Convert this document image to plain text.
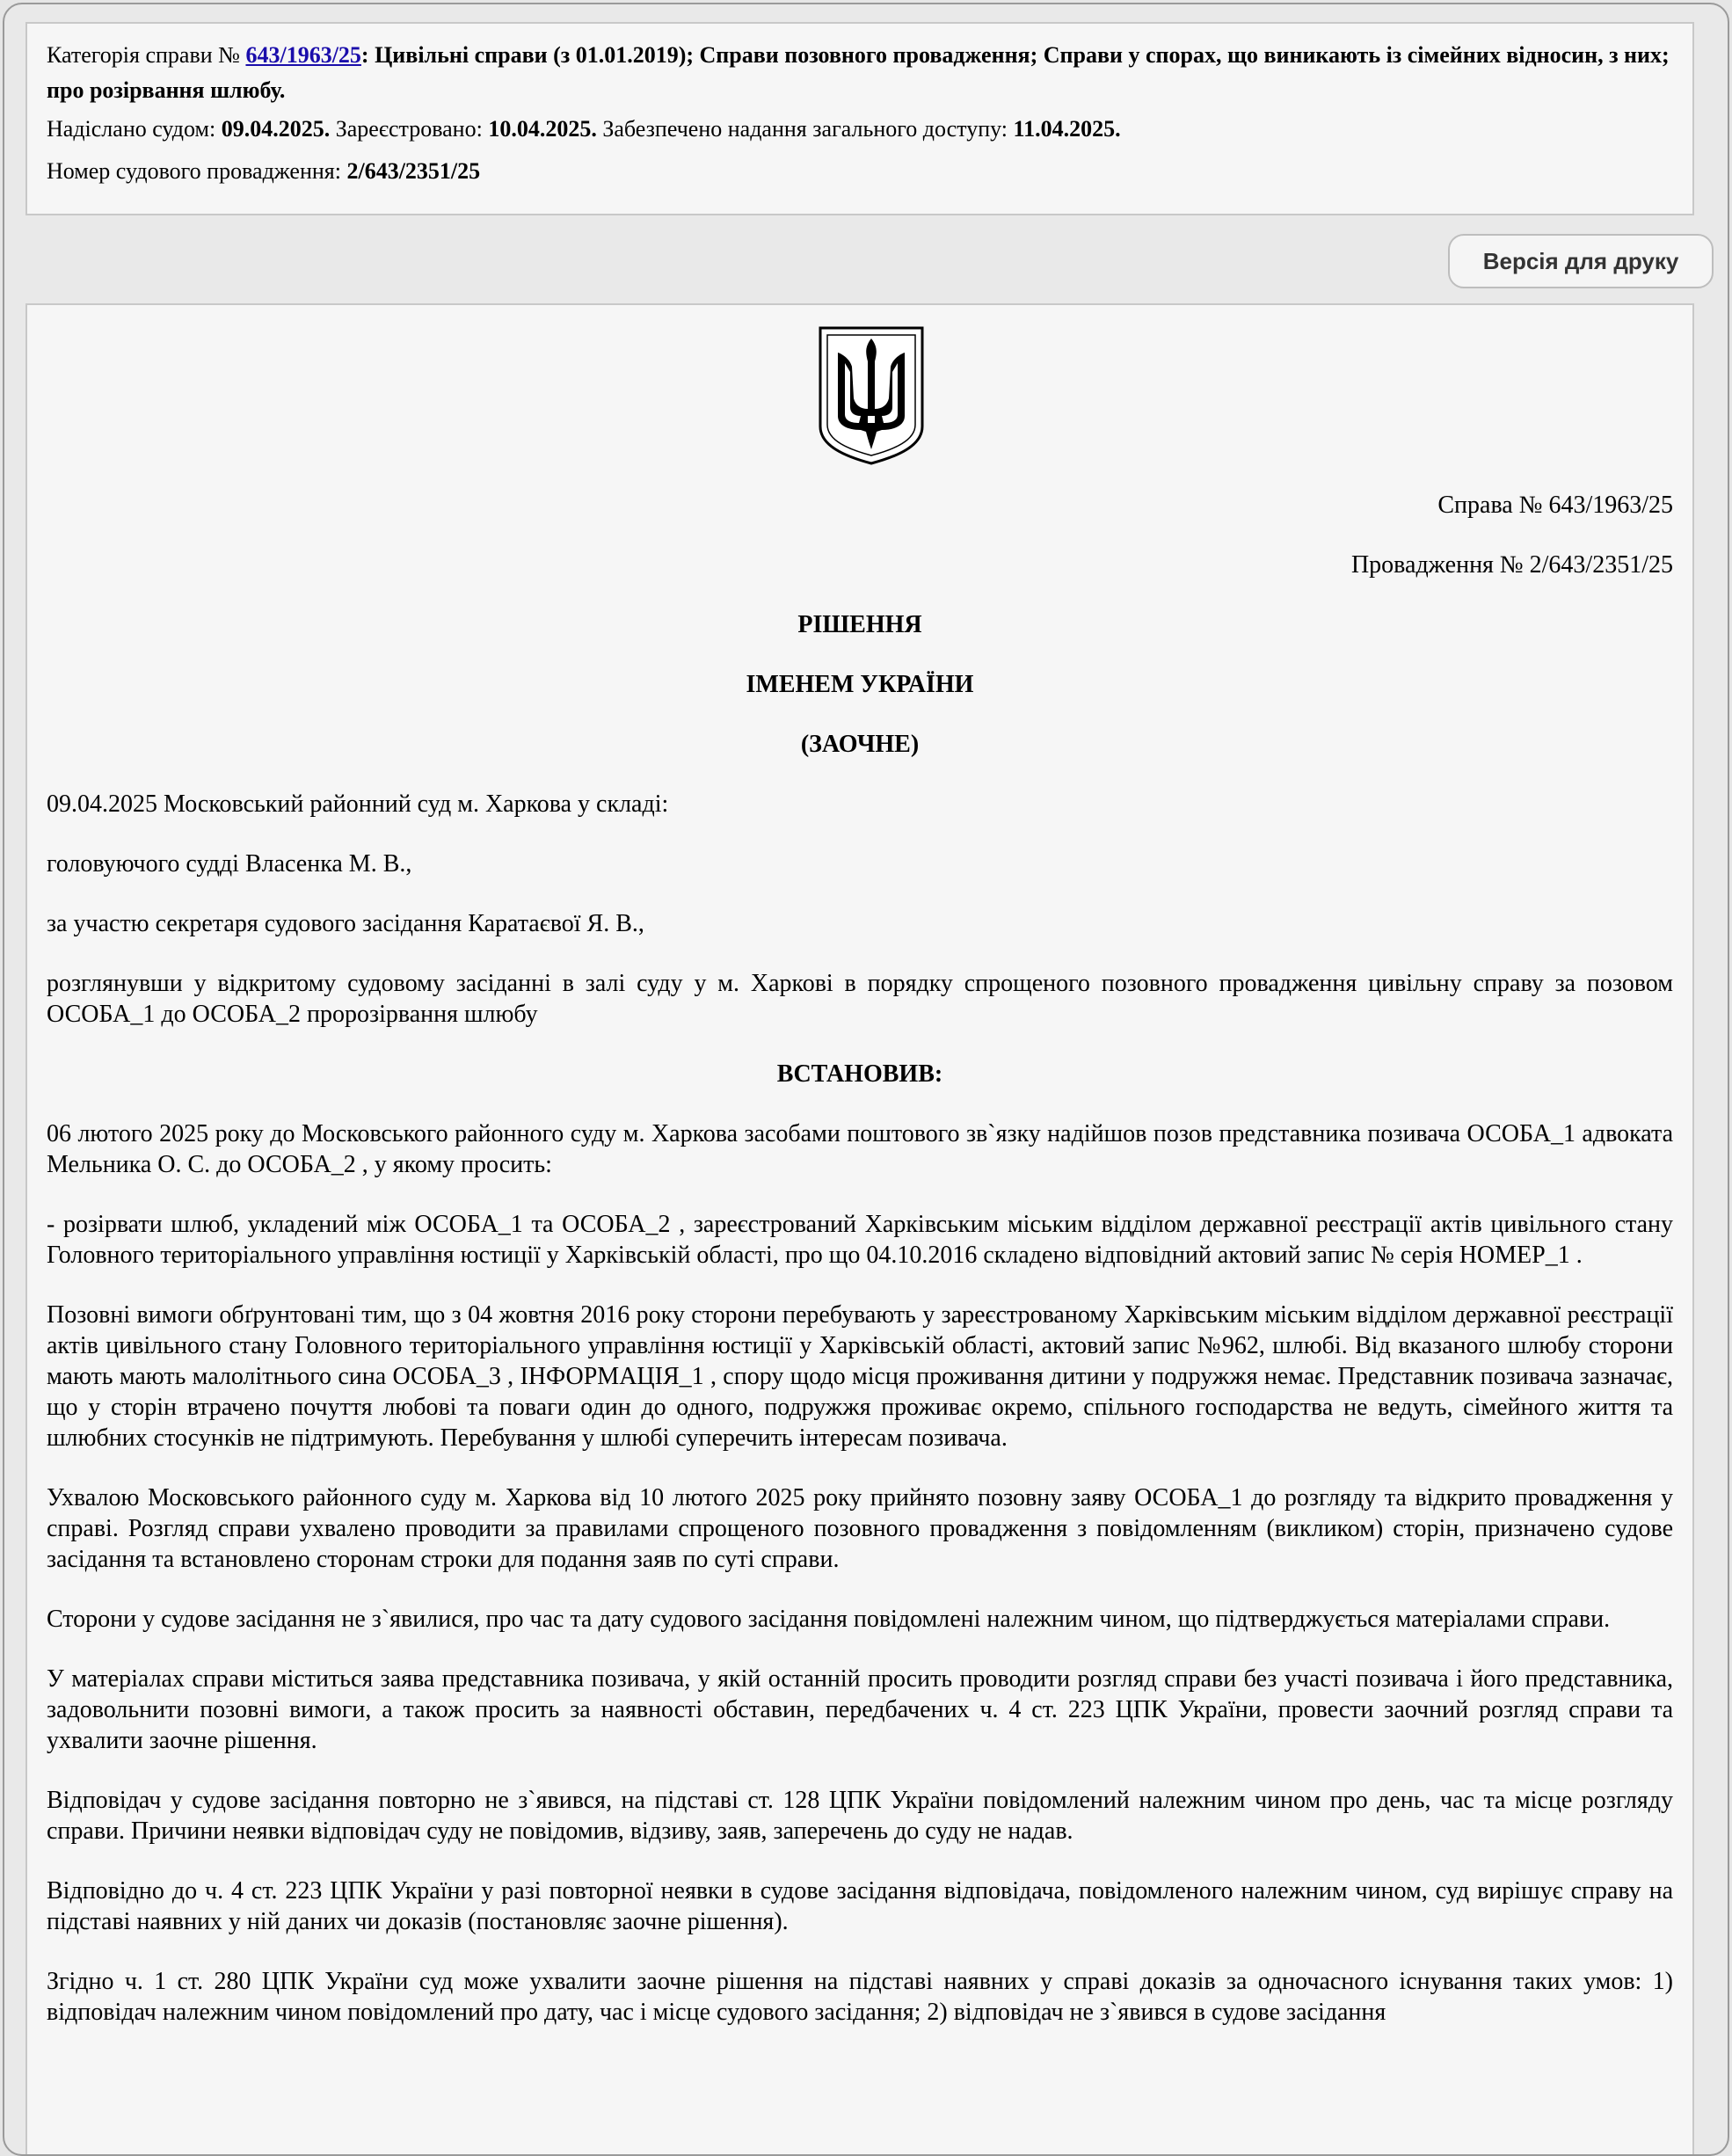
Категорія справи № 643/1963/25: Цивільні справи (з 01.01.2019); Справи позовного провадження; Справи у спорах, що виникають із сімейних відносин, з них; про розірвання шлюбу.

Надіслано судом: 09.04.2025. Зареєстровано: 10.04.2025. Забезпечено надання загального доступу: 11.04.2025.

Номер судового провадження: 2/643/2351/25

Версія для друку

Справа № 643/1963/25

Провадження № 2/643/2351/25

РІШЕННЯ

ІМЕНЕМ УКРАЇНИ

(ЗАОЧНЕ)

09.04.2025 Московський районний суд м. Харкова у складі:

головуючого судді Власенка М. В.,

за участю секретаря судового засідання Каратаєвої Я. В.,

розглянувши у відкритому судовому засіданні в залі суду у м. Харкові в порядку спрощеного позовного провадження цивільну справу за позовом ОСОБА_1 до ОСОБА_2 пророзірвання шлюбу

ВСТАНОВИВ:

06 лютого 2025 року до Московського районного суду м. Харкова засобами поштового зв`язку надійшов позов представника позивача ОСОБА_1 адвоката Мельника О. С. до ОСОБА_2 , у якому просить:

- розірвати шлюб, укладений між ОСОБА_1 та ОСОБА_2 , зареєстрований Харківським міським відділом державної реєстрації актів цивільного стану Головного територіального управління юстиції у Харківській області, про що 04.10.2016 складено відповідний актовий запис № серія НОМЕР_1 .

Позовні вимоги обґрунтовані тим, що з 04 жовтня 2016 року сторони перебувають у зареєстрованому Харківським міським відділом державної реєстрації актів цивільного стану Головного територіального управління юстиції у Харківській області, актовий запис №962, шлюбі. Від вказаного шлюбу сторони мають мають малолітнього сина ОСОБА_3 , ІНФОРМАЦІЯ_1 , спору щодо місця проживання дитини у подружжя немає. Представник позивача зазначає, що у сторін втрачено почуття любові та поваги один до одного, подружжя проживає окремо, спільного господарства не ведуть, сімейного життя та шлюбних стосунків не підтримують. Перебування у шлюбі суперечить інтересам позивача.

Ухвалою Московського районного суду м. Харкова від 10 лютого 2025 року прийнято позовну заяву ОСОБА_1 до розгляду та відкрито провадження у справі. Розгляд справи ухвалено проводити за правилами спрощеного позовного провадження з повідомленням (викликом) сторін, призначено судове засідання та встановлено сторонам строки для подання заяв по суті справи.

Сторони у судове засідання не з`явилися, про час та дату судового засідання повідомлені належним чином, що підтверджується матеріалами справи.

У матеріалах справи міститься заява представника позивача, у якій останній просить проводити розгляд справи без участі позивача і його представника, задовольнити позовні вимоги, а також просить за наявності обставин, передбачених ч. 4 ст. 223 ЦПК України, провести заочний розгляд справи та ухвалити заочне рішення.

Відповідач у судове засідання повторно не з`явився, на підставі ст. 128 ЦПК України повідомлений належним чином про день, час та місце розгляду справи. Причини неявки відповідач суду не повідомив, відзиву, заяв, заперечень до суду не надав.

Відповідно до ч. 4 ст. 223 ЦПК України у разі повторної неявки в судове засідання відповідача, повідомленого належним чином, суд вирішує справу на підставі наявних у ній даних чи доказів (постановляє заочне рішення).

Згідно ч. 1 ст. 280 ЦПК України суд може ухвалити заочне рішення на підставі наявних у справі доказів за одночасного існування таких умов: 1) відповідач належним чином повідомлений про дату, час і місце судового засідання; 2) відповідач не з`явився в судове засідання
